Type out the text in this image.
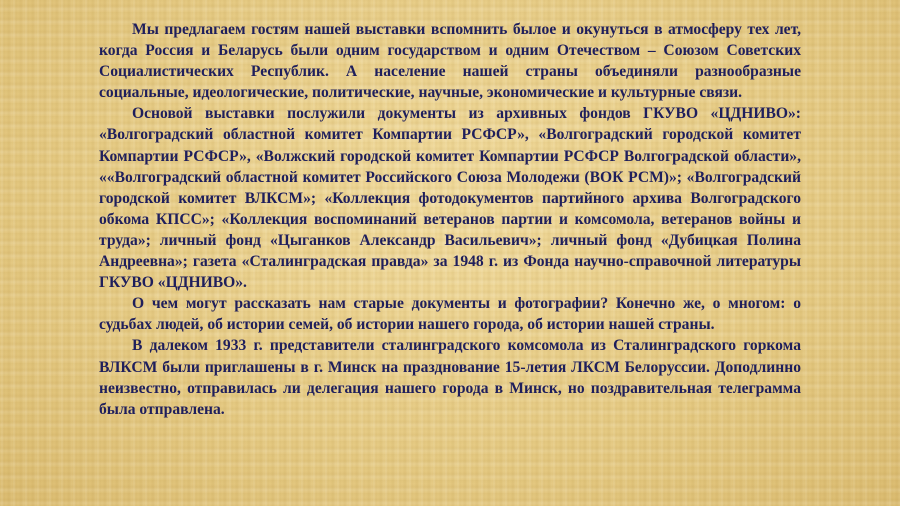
Мы предлагаем гостям нашей выставки вспомнить былое и окунуться в атмосферу тех лет, когда Россия и Беларусь были одним государством и одним Отечеством – Союзом Советских Социалистических Республик. А население нашей страны объединяли разнообразные социальные, идеологические, политические, научные, экономические и культурные связи.

Основой выставки послужили документы из архивных фондов ГКУВО «ЦДНИВО»: «Волгоградский областной комитет Компартии РСФСР», «Волгоградский городской комитет Компартии РСФСР», «Волжский городской комитет Компартии РСФСР Волгоградской области», ««Волгоградский областной комитет Российского Союза Молодежи (ВОК РСМ)»; «Волгоградский городской комитет ВЛКСМ»; «Коллекция фотодокументов партийного архива Волгоградского обкома КПСС»; «Коллекция воспоминаний ветеранов партии и комсомола, ветеранов войны и труда»; личный фонд «Цыганков Александр Васильевич»; личный фонд «Дубицкая Полина Андреевна»; газета «Сталинградская правда» за 1948 г. из Фонда научно-справочной литературы ГКУВО «ЦДНИВО».

О чем могут рассказать нам старые документы и фотографии? Конечно же, о многом: о судьбах людей, об истории семей, об истории нашего города, об истории нашей страны.

В далеком 1933 г. представители сталинградского комсомола из Сталинградского горкома ВЛКСМ были приглашены в г. Минск на празднование 15-летия ЛКСМ Белоруссии. Доподлинно неизвестно, отправилась ли делегация нашего города в Минск, но поздравительная телеграмма была отправлена.
